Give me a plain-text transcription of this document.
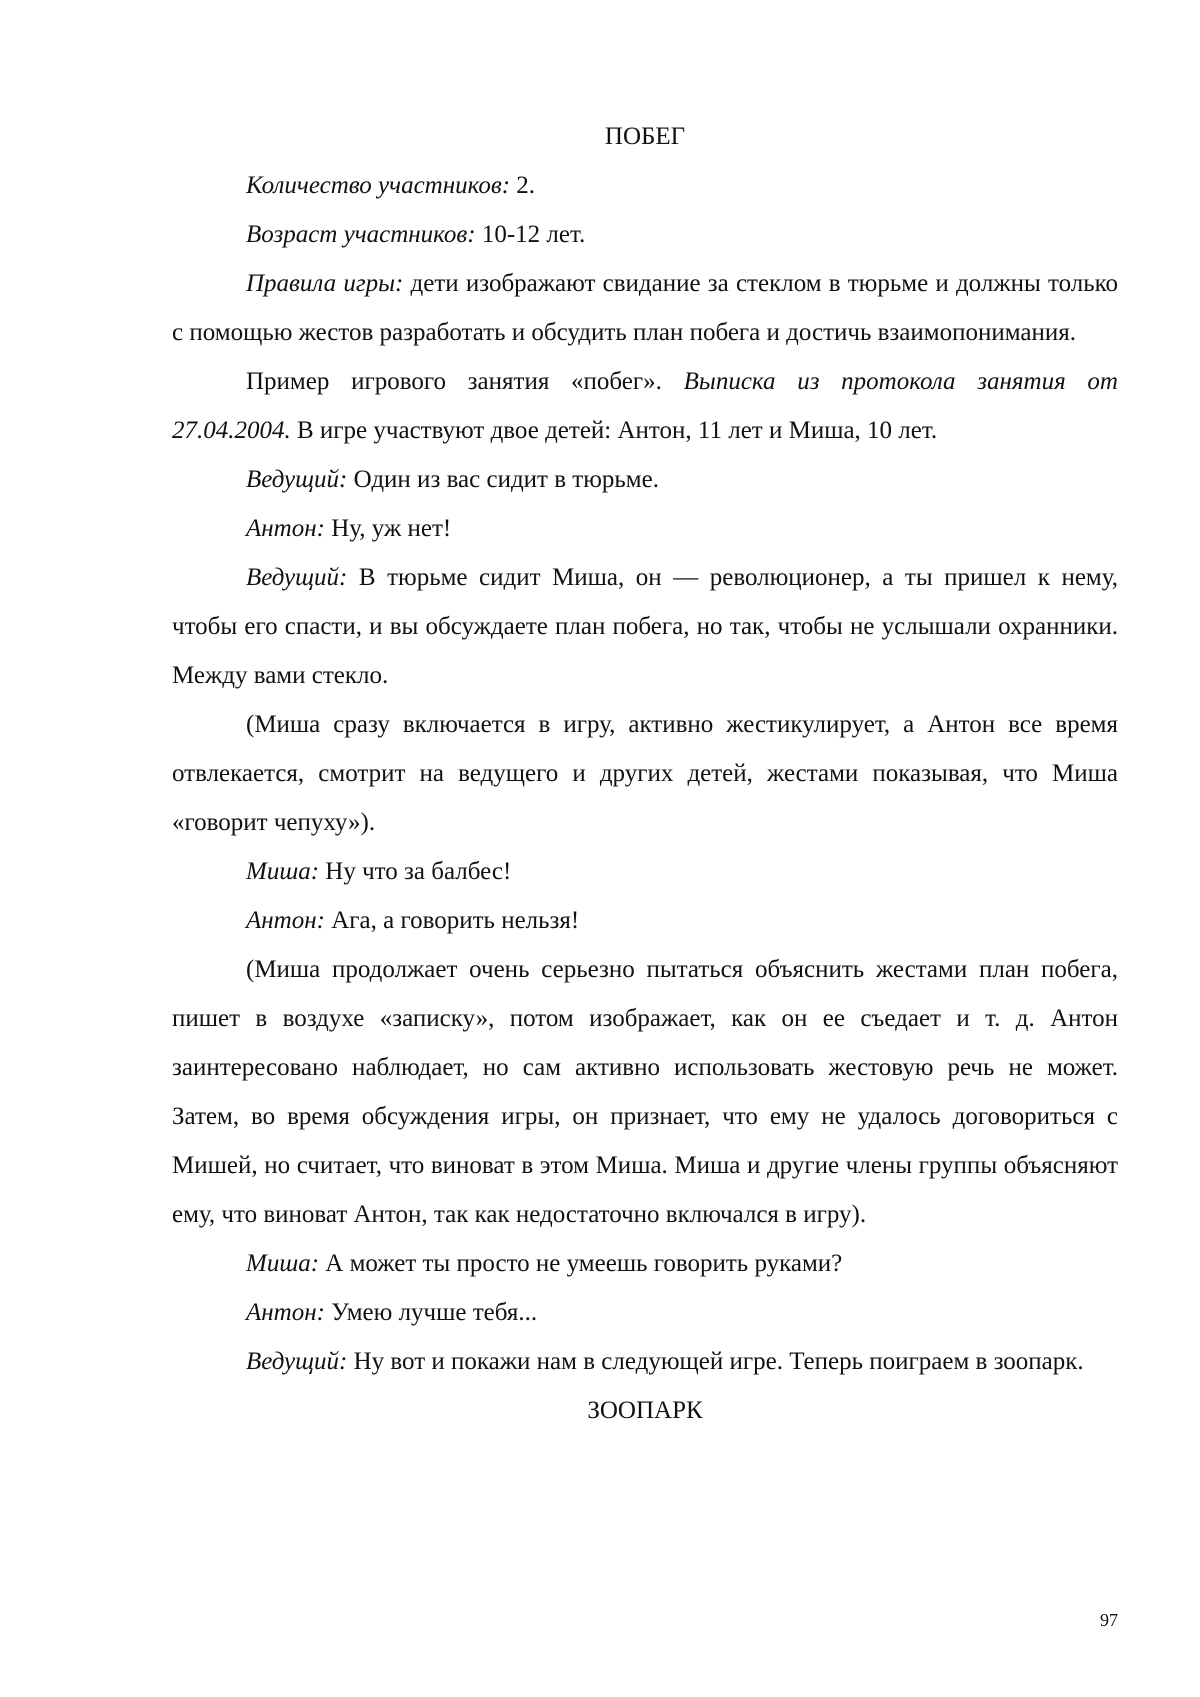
ПОБЕГ

Количество участников: 2.

Возраст участников: 10-12 лет.

Правила игры: дети изображают свидание за стеклом в тюрьме и должны только с помощью жестов разработать и обсудить план побега и достичь взаимопонимания.

Пример игрового занятия «побег». Выписка из протокола занятия от 27.04.2004. В игре участвуют двое детей: Антон, 11 лет и Миша, 10 лет.

Ведущий: Один из вас сидит в тюрьме.

Антон: Ну, уж нет!

Ведущий: В тюрьме сидит Миша, он — революционер, а ты пришел к нему, чтобы его спасти, и вы обсуждаете план побега, но так, чтобы не услышали охранники. Между вами стекло.

(Миша сразу включается в игру, активно жестикулирует, а Антон все время отвлекается, смотрит на ведущего и других детей, жестами показывая, что Миша «говорит чепуху»).

Миша: Ну что за балбес!

Антон: Ага, а говорить нельзя!

(Миша продолжает очень серьезно пытаться объяснить жестами план побега, пишет в воздухе «записку», потом изображает, как он ее съедает и т. д. Антон заинтересовано наблюдает, но сам активно использовать жестовую речь не может. Затем, во время обсуждения игры, он признает, что ему не удалось договориться с Мишей, но считает, что виноват в этом Миша. Миша и другие члены группы объясняют ему, что виноват Антон, так как недостаточно включался в игру).

Миша: А может ты просто не умеешь говорить руками?

Антон: Умею лучше тебя...

Ведущий: Ну вот и покажи нам в следующей игре. Теперь поиграем в зоопарк.

ЗООПАРК

97
